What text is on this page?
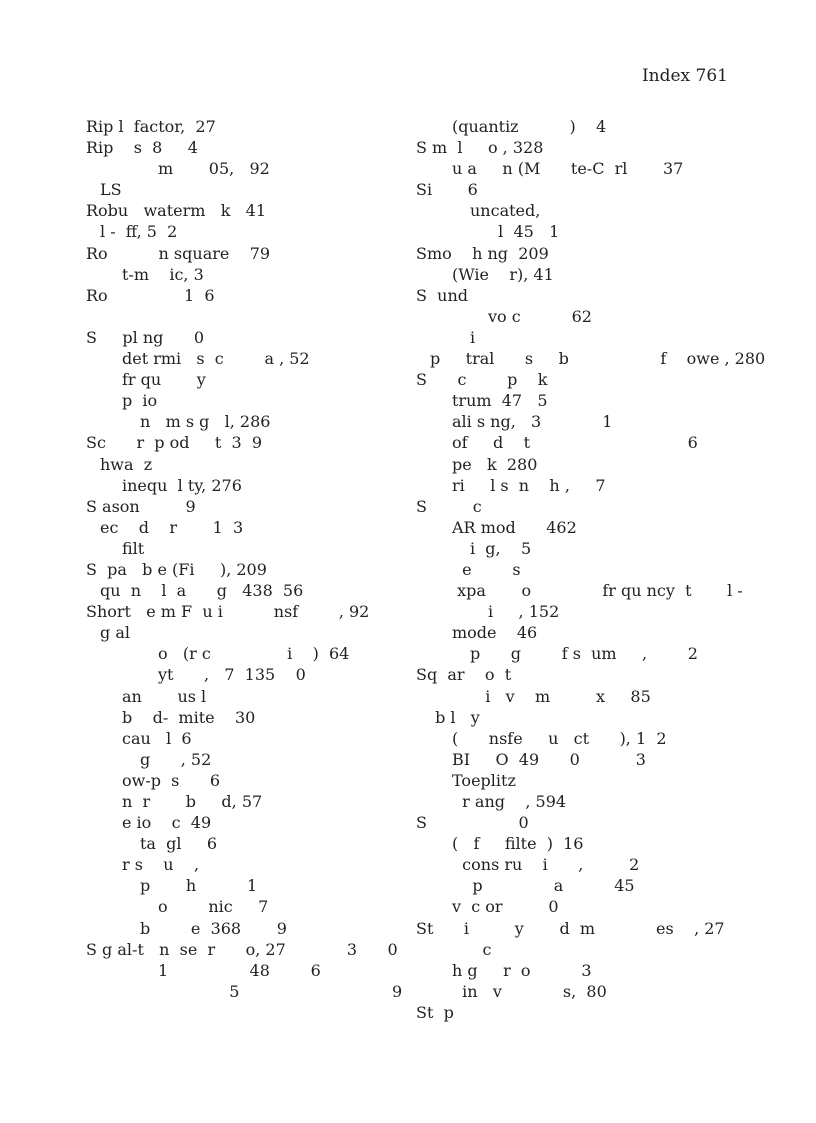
Index 761
Rip l  factor,  27
Rip    s  8     4
m       05,   92
LS
Robu   waterm   k   41
l -  ff, 5  2
Ro          n square    79
t-m    ic, 3
Ro               1  6
S     pl ng      0
det rmi   s  c        a , 52
fr qu       y
p  io
n   m s g   l, 286
Sc      r  p od     t  3  9
hwa  z
inequ  l ty, 276
S ason         9
ec    d    r       1  3
filt
S  pa   b e (Fi     ), 209
qu  n    l  a      g   438  56
Short   e m F  u i          nsf        , 92
g al
o   (r c               i    )  64
yt      ,   7  135    0
an       us l
b    d-  mite    30
cau   l  6
g      , 52
ow-p  s      6
n  r       b     d, 57
e io    c  49
ta  gl     6
r s    u    ,
p       h          1
o        nic     7
b        e  368       9
S g al-t   n  se  r      o, 27            3      0
1                48        6
5                              9
(quantiz          )    4
S m  l     o , 328
u a     n (M      te-C  rl       37
Si       6
uncated,
l  45   1
Smo    h ng  209
(Wie    r), 41
S  und
vo c          62
i
p     tral      s     b                  f    owe , 280
S      c        p    k
trum  47   5
ali s ng,   3            1
of     d    t                               6
pe   k  280
ri     l s  n    h ,     7
S         c
AR mod      462
i  g,    5
e        s
xpa       o              fr qu ncy  t       l -
i     , 152
mode    46
p      g        f s  um     ,        2
Sq  ar    o  t
i   v    m         x     85
b l   y
(      nsfe     u   ct      ), 1  2
BI     O  49      0           3
Toeplitz
r ang    , 594
S                  0
(   f     filte  )  16
cons ru    i      ,         2
p              a          45
v  c or         0
St      i         y       d  m            es    , 27
c
h g     r  o          3
in   v            s,  80
St  p
